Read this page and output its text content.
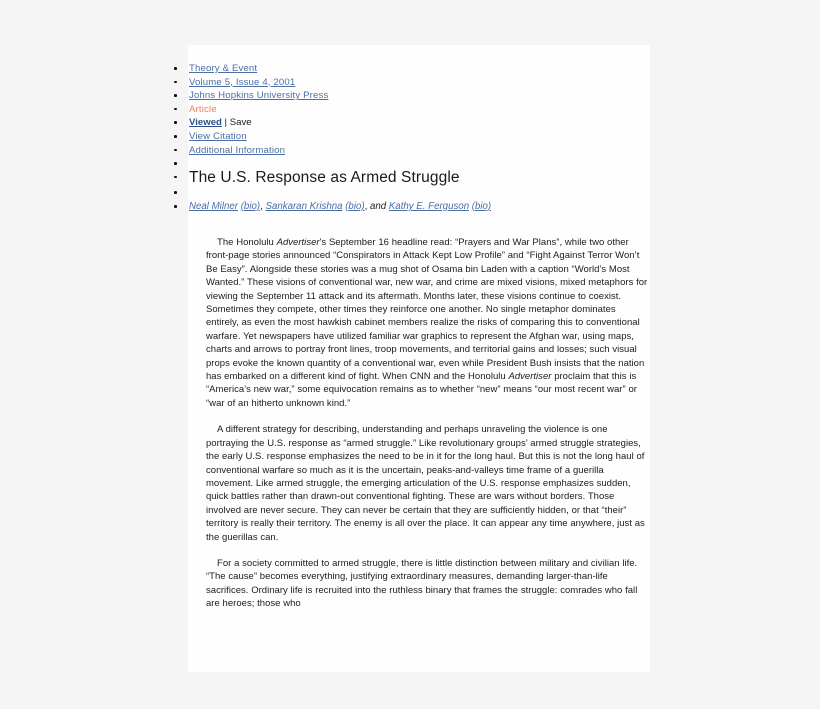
Theory & Event
Volume 5, Issue 4, 2001
Johns Hopkins University Press
Article
Viewed | Save
View Citation
Additional Information
The U.S. Response as Armed Struggle
Neal Milner (bio), Sankaran Krishna (bio), and Kathy E. Ferguson (bio)

The Honolulu Advertiser's September 16 headline read: “Prayers and War Plans”, while two other front-page stories announced “Conspirators in Attack Kept Low Profile” and “Fight Against Terror Won’t Be Easy”. Alongside these stories was a mug shot of Osama bin Laden with a caption “World’s Most Wanted.” These visions of conventional war, new war, and crime are mixed visions, mixed metaphors for viewing the September 11 attack and its aftermath. Months later, these visions continue to coexist. Sometimes they compete, other times they reinforce one another. No single metaphor dominates entirely, as even the most hawkish cabinet members realize the risks of comparing this to conventional warfare. Yet newspapers have utilized familiar war graphics to represent the Afghan war, using maps, charts and arrows to portray front lines, troop movements, and territorial gains and losses; such visual props evoke the known quantity of a conventional war, even while President Bush insists that the nation has embarked on a different kind of fight. When CNN and the Honolulu Advertiser proclaim that this is “America’s new war,” some equivocation remains as to whether “new” means “our most recent war” or “war of an hitherto unknown kind.”

A different strategy for describing, understanding and perhaps unraveling the violence is one portraying the U.S. response as “armed struggle.” Like revolutionary groups’ armed struggle strategies, the early U.S. response emphasizes the need to be in it for the long haul. But this is not the long haul of conventional warfare so much as it is the uncertain, peaks-and-valleys time frame of a guerilla movement. Like armed struggle, the emerging articulation of the U.S. response emphasizes sudden, quick battles rather than drawn-out conventional fighting. These are wars without borders. Those involved are never secure. They can never be certain that they are sufficiently hidden, or that “their” territory is really their territory. The enemy is all over the place. It can appear any time anywhere, just as the guerillas can.

For a society committed to armed struggle, there is little distinction between military and civilian life. “The cause” becomes everything, justifying extraordinary measures, demanding larger-than-life sacrifices. Ordinary life is recruited into the ruthless binary that frames the struggle: comrades who fall are heroes; those who
